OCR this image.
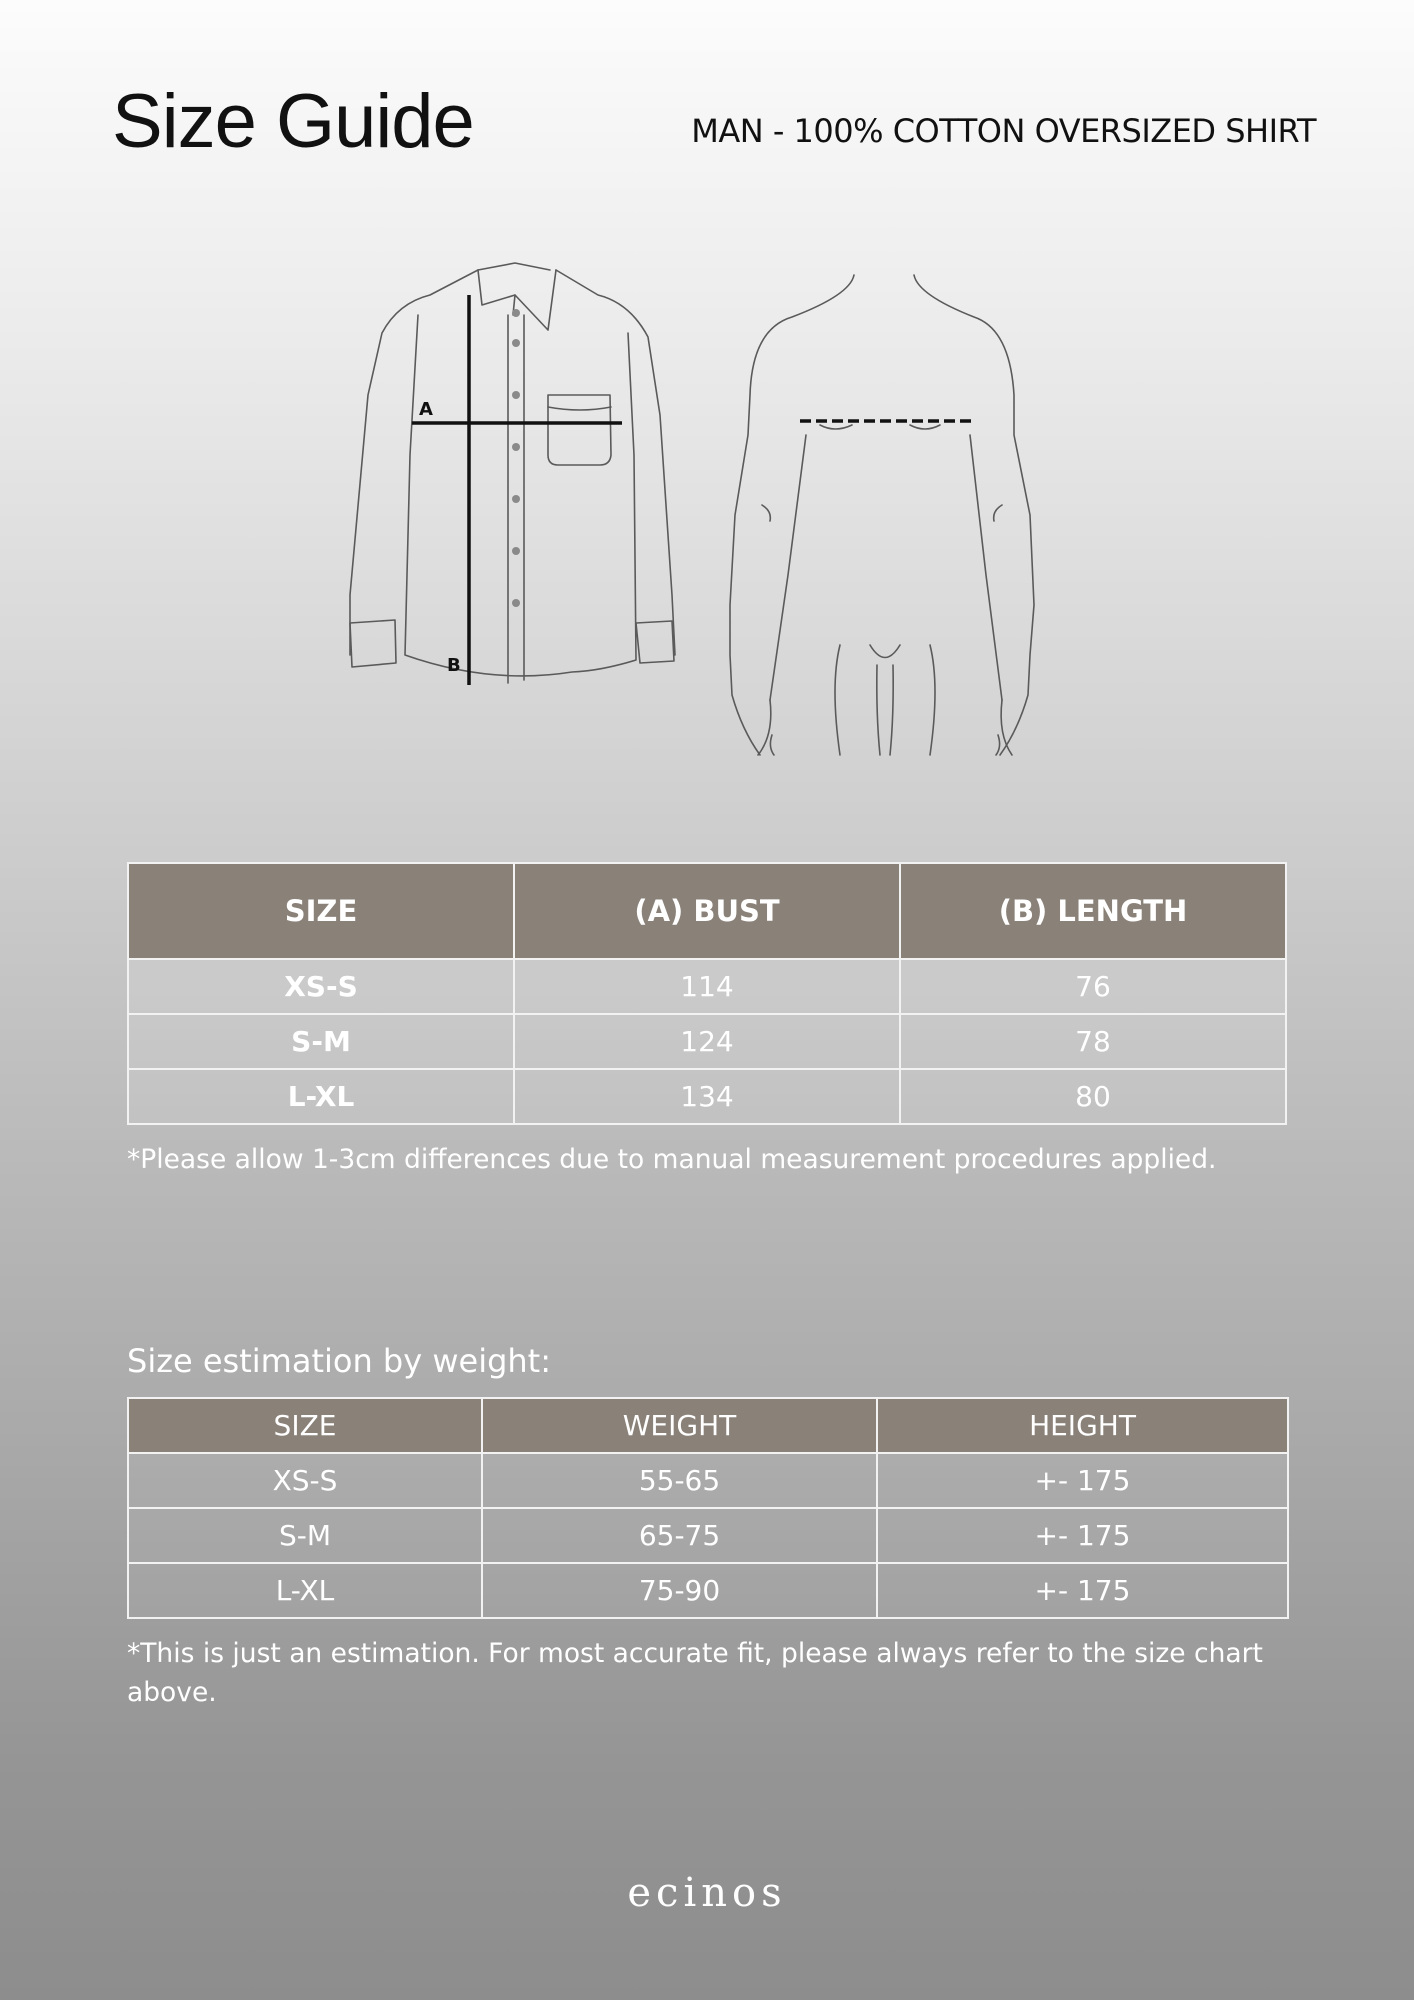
Size Guide	MAN - 100% COTTON OVERSIZED SHIRT
A
B
SIZE	(A) BUST	(B) LENGTH
XS-S	114	76
S-M	124	78
L-XL	134	80

*Please allow 1-3cm differences due to manual measurement procedures applied.

Size estimation by weight:
SIZE	WEIGHT	HEIGHT
XS-S	55-65	+- 175
S-M	65-75	+- 175
L-XL	75-90	+- 175

*This is just an estimation. For most accurate fit, please always refer to the size chart above.

ecinos
